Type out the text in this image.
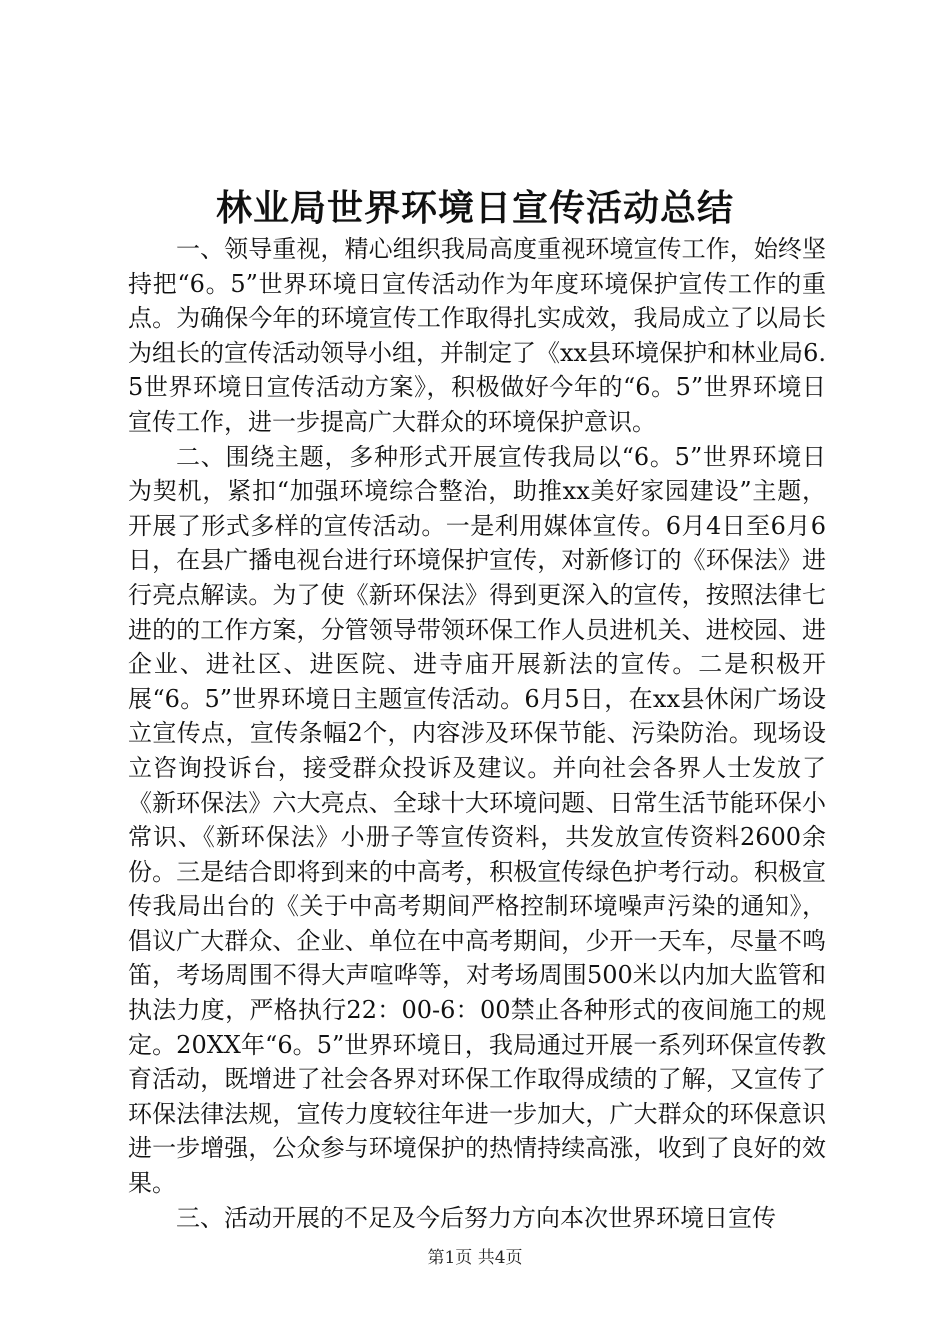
林业局世界环境日宣传活动总结

一、领导重视，精心组织我局高度重视环境宣传工作，始终坚持把“6。5”世界环境日宣传活动作为年度环境保护宣传工作的重点。为确保今年的环境宣传工作取得扎实成效，我局成立了以局长为组长的宣传活动领导小组，并制定了《xx县环境保护和林业局6.5世界环境日宣传活动方案》，积极做好今年的“6。5”世界环境日宣传工作，进一步提高广大群众的环境保护意识。

二、围绕主题，多种形式开展宣传我局以“6。5”世界环境日为契机，紧扣“加强环境综合整治，助推xx美好家园建设”主题，开展了形式多样的宣传活动。一是利用媒体宣传。6月4日至6月6日，在县广播电视台进行环境保护宣传，对新修订的《环保法》进行亮点解读。为了使《新环保法》得到更深入的宣传，按照法律七进的的工作方案，分管领导带领环保工作人员进机关、进校园、进企业、进社区、进医院、进寺庙开展新法的宣传。二是积极开展“6。5”世界环境日主题宣传活动。6月5日，在xx县休闲广场设立宣传点，宣传条幅2个，内容涉及环保节能、污染防治。现场设立咨询投诉台，接受群众投诉及建议。并向社会各界人士发放了《新环保法》六大亮点、全球十大环境问题、日常生活节能环保小常识、《新环保法》小册子等宣传资料，共发放宣传资料2600余份。三是结合即将到来的中高考，积极宣传绿色护考行动。积极宣传我局出台的《关于中高考期间严格控制环境噪声污染的通知》，倡议广大群众、企业、单位在中高考期间，少开一天车，尽量不鸣笛，考场周围不得大声喧哗等，对考场周围500米以内加大监管和执法力度，严格执行22：00-6：00禁止各种形式的夜间施工的规定。20XX年“6。5”世界环境日，我局通过开展一系列环保宣传教育活动，既增进了社会各界对环保工作取得成绩的了解，又宣传了环保法律法规，宣传力度较往年进一步加大，广大群众的环保意识进一步增强，公众参与环境保护的热情持续高涨，收到了良好的效果。

三、活动开展的不足及今后努力方向本次世界环境日宣传

第1页 共4页
